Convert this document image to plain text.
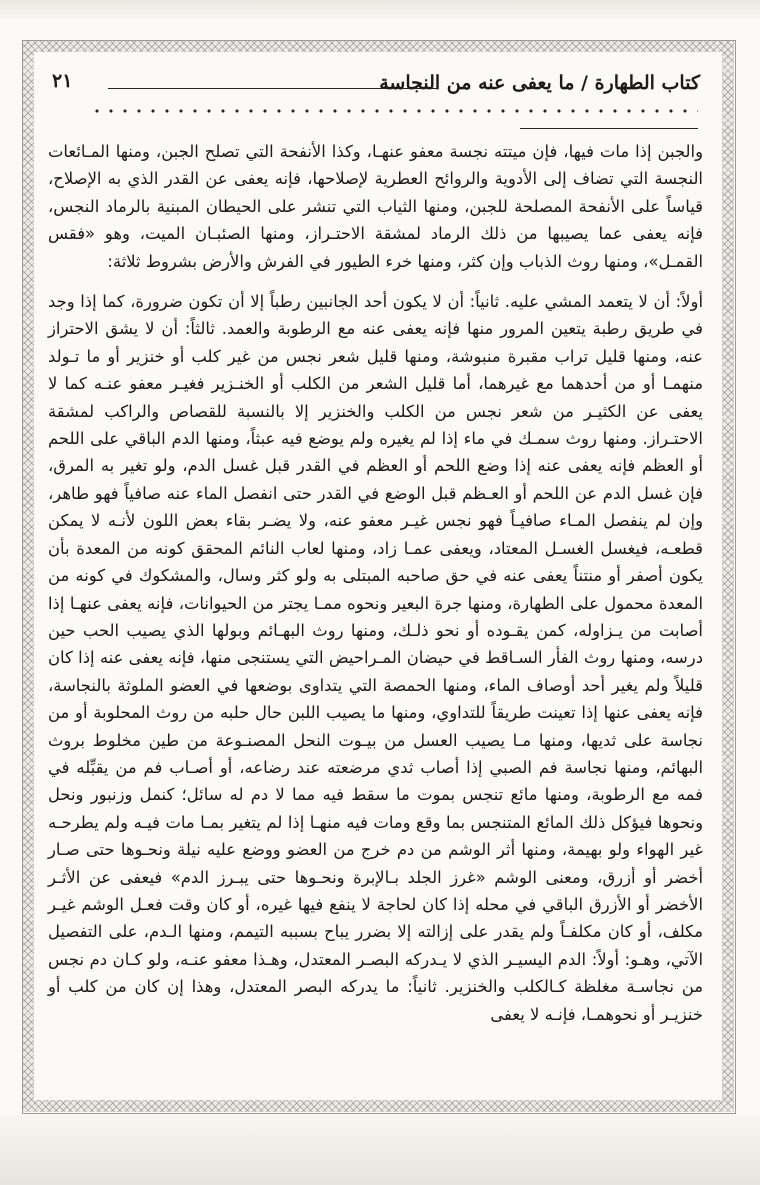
كتاب الطهارة / ما يعفى عنه من النجاسة
٢١

والجبن إذا مات فيها، فإن ميتته نجسة معفو عنهـا، وكذا الأنفحة التي تصلح الجبن، ومنها المـائعات النجسة التي تضاف إلى الأدوية والروائح العطرية لإصلاحها، فإنه يعفى عن القدر الذي به الإصلاح، قياساً على الأنفحة المصلحة للجبن، ومنها الثياب التي تنشر على الحيطان المبنية بالرماد النجس، فإنه يعفى عما يصيبها من ذلك الرماد لمشقة الاحتـراز، ومنها الصئبـان الميت، وهو «فقس القمـل»، ومنها روث الذباب وإن كثر، ومنها خرء الطيور في الفرش والأرض بشروط ثلاثة:

أولاً: أن لا يتعمد المشي عليه. ثانياً: أن لا يكون أحد الجانبين رطباً إلا أن تكون ضرورة، كما إذا وجد في طريق رطبة يتعين المرور منها فإنه يعفى عنه مع الرطوبة والعمد. ثالثاً: أن لا يشق الاحتراز عنه، ومنها قليل تراب مقبرة منبوشة، ومنها قليل شعر نجس من غير كلب أو خنزير أو ما تـولد منهمـا أو من أحدهما مع غيرهما، أما قليل الشعر من الكلب أو الخنـزير فغيـر معفو عنـه كما لا يعفى عن الكثيـر من شعر نجس من الكلب والخنزير إلا بالنسبة للقصاص والراكب لمشقة الاحتـراز. ومنها روث سمـك في ماء إذا لم يغيره ولم يوضع فيه عبثاً، ومنها الدم الباقي على اللحم أو العظم فإنه يعفى عنه إذا وضع اللحم أو العظم في القدر قبل غسل الدم، ولو تغير به المرق، فإن غسل الدم عن اللحم أو العـظم قبل الوضع في القدر حتى انفصل الماء عنه صافياً فهو طاهر، وإن لم ينفصل المـاء صافيـاً فهو نجس غيـر معفو عنه، ولا يضـر بقاء بعض اللون لأنـه لا يمكن قطعـه، فيغسل الغسـل المعتاد، ويعفى عمـا زاد، ومنها لعاب النائم المحقق كونه من المعدة بأن يكون أصفر أو منتناً يعفى عنه في حق صاحبه المبتلى به ولو كثر وسال، والمشكوك في كونه من المعدة محمول على الطهارة، ومنها جرة البعير ونحوه ممـا يجتر من الحيوانات، فإنه يعفى عنهـا إذا أصابت من يـزاوله، كمن يقـوده أو نحو ذلـك، ومنها روث البهـائم وبولها الذي يصيب الحب حين درسه، ومنها روث الفأر السـاقط في حيضان المـراحيض التي يستنجى منها، فإنه يعفى عنه إذا كان قليلاً ولم يغير أحد أوصاف الماء، ومنها الحمصة التي يتداوى بوضعها في العضو الملوثة بالنجاسة، فإنه يعفى عنها إذا تعينت طريقاً للتداوي، ومنها ما يصيب اللبن حال حلبه من روث المحلوبة أو من نجاسة على ثديها، ومنها مـا يصيب العسل من بيـوت النحل المصنـوعة من طين مخلوط بروث البهائم، ومنها نجاسة فم الصبي إذا أصاب ثدي مرضعته عند رضاعه، أو أصـاب فم من يقبِّله في فمه مع الرطوبة، ومنها مائع تنجس بموت ما سقط فيه مما لا دم له سائل؛ كنمل وزنبور ونحل ونحوها فيؤكل ذلك المائع المتنجس بما وقع ومات فيه منهـا إذا لم يتغير بمـا مات فيـه ولم يطرحـه غير الهواء ولو بهيمة، ومنها أثر الوشم من دم خرج من العضو ووضع عليه نيلة ونحـوها حتى صـار أخضر أو أزرق، ومعنى الوشم «غرز الجلد بـالإبرة ونحـوها حتى يبـرز الدم» فيعفى عن الأثـر الأخضر أو الأزرق الباقي في محله إذا كان لحاجة لا ينفع فيها غيره، أو كان وقت فعـل الوشم غيـر مكلف، أو كان مكلفـاً ولم يقدر على إزالته إلا بضرر يباح بسببه التيمم، ومنها الـدم، على التفصيل الآتي، وهـو: أولاً: الدم اليسيـر الذي لا يـدركه البصـر المعتدل، وهـذا معفو عنـه، ولو كـان دم نجس من نجاسـة مغلظة كـالكلب والخنزير. ثانياً: ما يدركه البصر المعتدل، وهذا إن كان من كلب أو خنزيـر أو نحوهمـا، فإنـه لا يعفى
